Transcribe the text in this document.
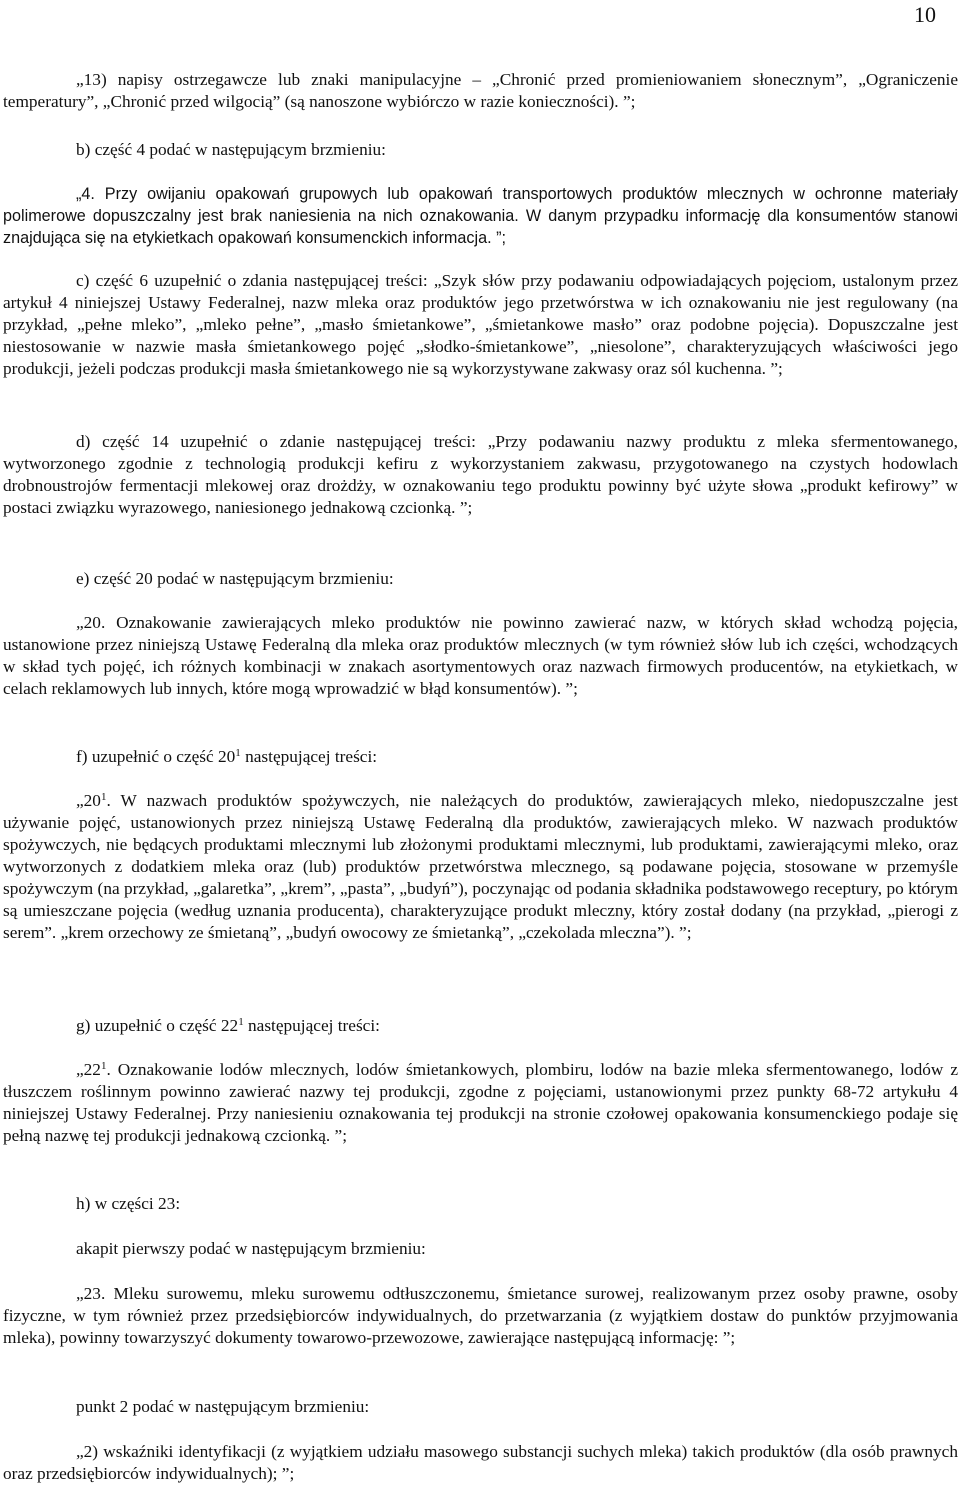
10

„13) napisy ostrzegawcze lub znaki manipulacyjne – „Chronić przed promieniowaniem słonecznym”, „Ograniczenie temperatury”, „Chronić przed wilgocią” (są nanoszone wybiórczo w razie konieczności). ”;

b) część 4 podać w następującym brzmieniu:

„4. Przy owijaniu opakowań grupowych lub opakowań transportowych produktów mlecznych w ochronne materiały polimerowe dopuszczalny jest brak naniesienia na nich oznakowania. W danym przypadku informację dla konsumentów stanowi znajdująca się na etykietkach opakowań konsumenckich informacja. ”;

c) część 6 uzupełnić o zdania następującej treści: „Szyk słów przy podawaniu odpowiadających pojęciom, ustalonym przez artykuł 4 niniejszej Ustawy Federalnej, nazw mleka oraz produktów jego przetwórstwa w ich oznakowaniu nie jest regulowany (na przykład, „pełne mleko”, „mleko pełne”, „masło śmietankowe”, „śmietankowe masło” oraz podobne pojęcia). Dopuszczalne jest niestosowanie w nazwie masła śmietankowego pojęć „słodko-śmietankowe”, „niesolone”, charakteryzujących właściwości jego produkcji, jeżeli podczas produkcji masła śmietankowego nie są wykorzystywane zakwasy oraz sól kuchenna. ”;

d) część 14 uzupełnić o zdanie następującej treści: „Przy podawaniu nazwy produktu z mleka sfermentowanego, wytworzonego zgodnie z technologią produkcji kefiru z wykorzystaniem zakwasu, przygotowanego na czystych hodowlach drobnoustrojów fermentacji mlekowej oraz drożdży, w oznakowaniu tego produktu powinny być użyte słowa „produkt kefirowy” w postaci związku wyrazowego, naniesionego jednakową czcionką. ”;

e) część 20 podać w następującym brzmieniu:

„20. Oznakowanie zawierających mleko produktów nie powinno zawierać nazw, w których skład wchodzą pojęcia, ustanowione przez niniejszą Ustawę Federalną dla mleka oraz produktów mlecznych (w tym również słów lub ich części, wchodzących w skład tych pojęć, ich różnych kombinacji w znakach asortymentowych oraz nazwach firmowych producentów, na etykietkach, w celach reklamowych lub innych, które mogą wprowadzić w błąd konsumentów). ”;

f) uzupełnić o część $20^1$ następującej treści:

$„20^1$. W nazwach produktów spożywczych, nie należących do produktów, zawierających mleko, niedopuszczalne jest używanie pojęć, ustanowionych przez niniejszą Ustawę Federalną dla produktów, zawierających mleko. W nazwach produktów spożywczych, nie będących produktami mlecznymi lub złożonymi produktami mlecznymi, lub produktami, zawierającymi mleko, oraz wytworzonych z dodatkiem mleka oraz (lub) produktów przetwórstwa mlecznego, są podawane pojęcia, stosowane w przemyśle spożywczym (na przykład, „galaretka”, „krem”, „pasta”, „budyń”), poczynając od podania składnika podstawowego receptury, po którym są umieszczane pojęcia (według uznania producenta), charakteryzujące produkt mleczny, który został dodany (na przykład, „pierogi z serem”. „krem orzechowy ze śmietaną”, „budyń owocowy ze śmietanką”, „czekolada mleczna”). ”;

g) uzupełnić o część $22^1$ następującej treści:

$„22^1$. Oznakowanie lodów mlecznych, lodów śmietankowych, plombiru, lodów na bazie mleka sfermentowanego, lodów z tłuszczem roślinnym powinno zawierać nazwy tej produkcji, zgodne z pojęciami, ustanowionymi przez punkty 68-72 artykułu 4 niniejszej Ustawy Federalnej. Przy naniesieniu oznakowania tej produkcji na stronie czołowej opakowania konsumenckiego podaje się pełną nazwę tej produkcji jednakową czcionką. ”;

h) w części 23:

akapit pierwszy podać w następującym brzmieniu:

„23. Mleku surowemu, mleku surowemu odtłuszczonemu, śmietance surowej, realizowanym przez osoby prawne, osoby fizyczne, w tym również przez przedsiębiorców indywidualnych, do przetwarzania (z wyjątkiem dostaw do punktów przyjmowania mleka), powinny towarzyszyć dokumenty towarowo-przewozowe, zawierające następującą informację: ”;

punkt 2 podać w następującym brzmieniu:

„2) wskaźniki identyfikacji (z wyjątkiem udziału masowego substancji suchych mleka) takich produktów (dla osób prawnych oraz przedsiębiorców indywidualnych); ”;
